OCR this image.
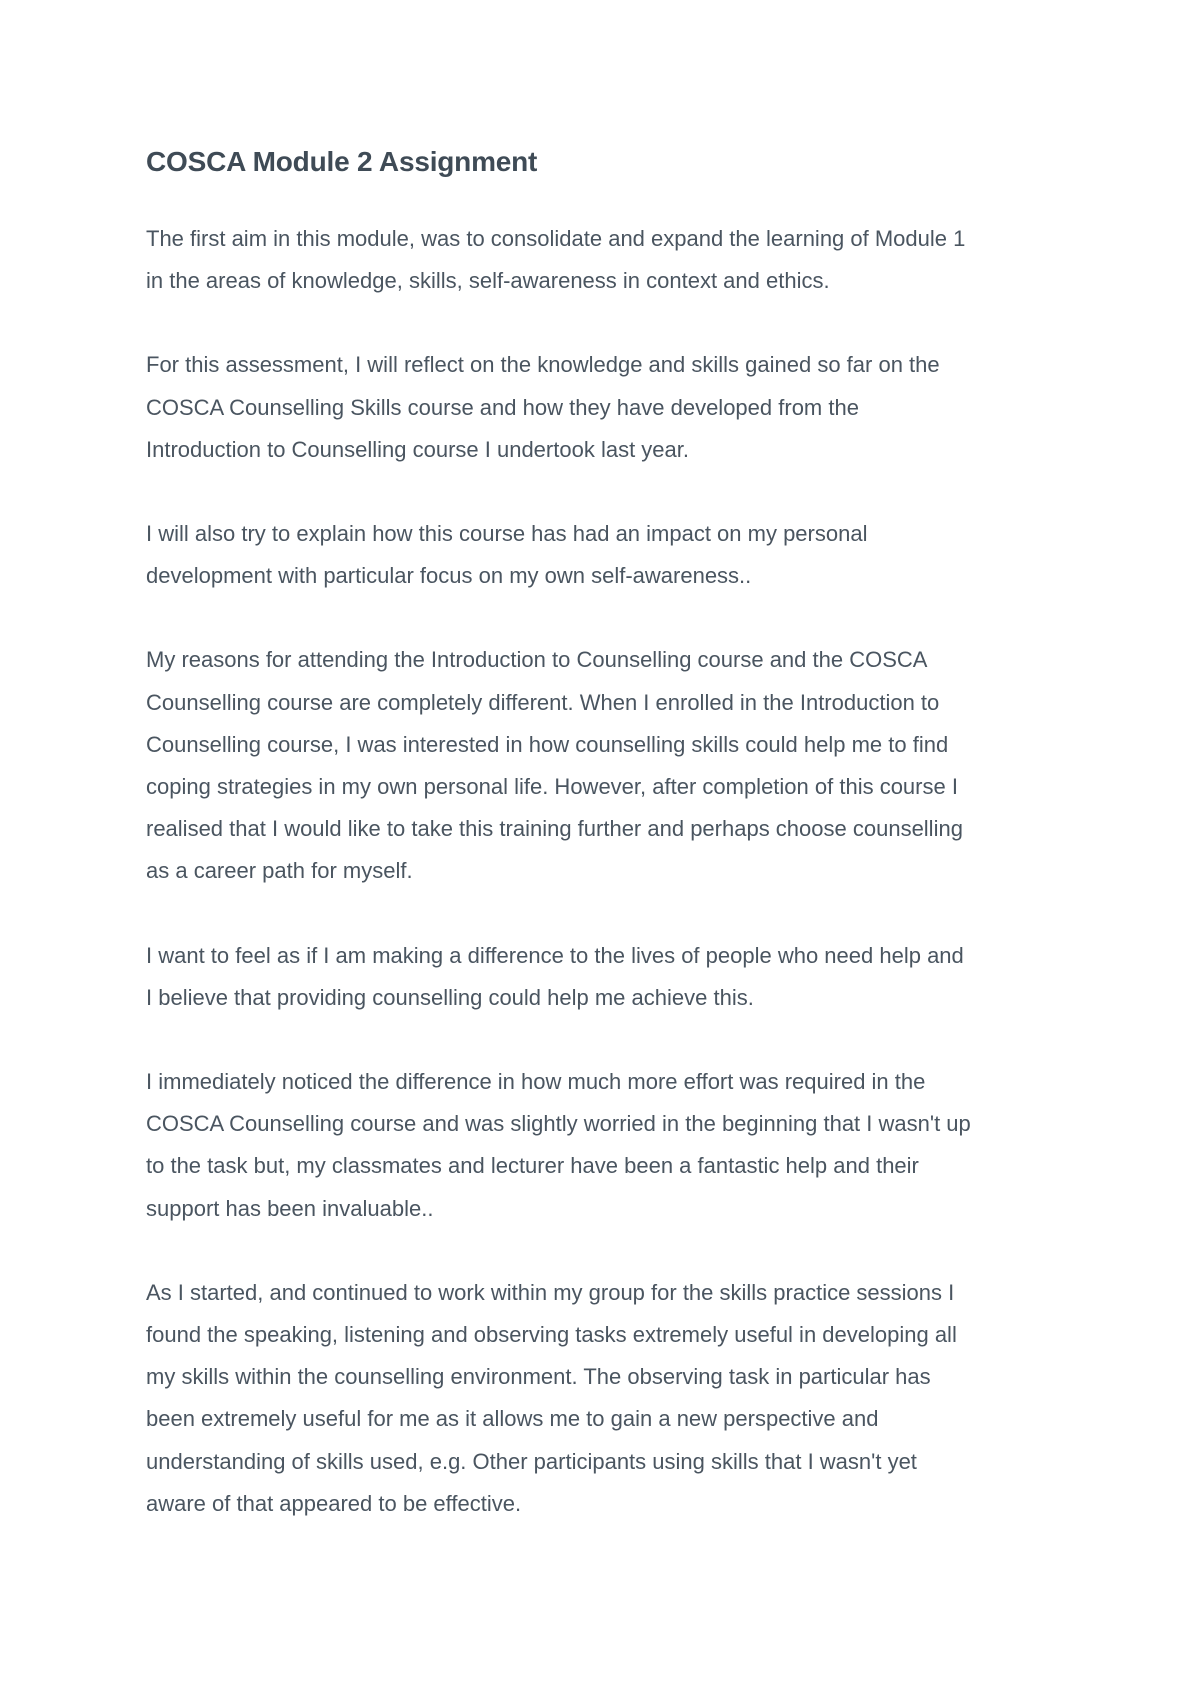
COSCA Module 2 Assignment

The first aim in this module, was to consolidate and expand the learning of Module 1
in the areas of knowledge, skills, self-awareness in context and ethics.

For this assessment, I will reflect on the knowledge and skills gained so far on the
COSCA Counselling Skills course and how they have developed from the
Introduction to Counselling course I undertook last year.

I will also try to explain how this course has had an impact on my personal
development with particular focus on my own self-awareness..

My reasons for attending the Introduction to Counselling course and the COSCA
Counselling course are completely different. When I enrolled in the Introduction to
Counselling course, I was interested in how counselling skills could help me to find
coping strategies in my own personal life. However, after completion of this course I
realised that I would like to take this training further and perhaps choose counselling
as a career path for myself.

I want to feel as if I am making a difference to the lives of people who need help and
I believe that providing counselling could help me achieve this.

I immediately noticed the difference in how much more effort was required in the
COSCA Counselling course and was slightly worried in the beginning that I wasn't up
to the task but, my classmates and lecturer have been a fantastic help and their
support has been invaluable..

As I started, and continued to work within my group for the skills practice sessions I
found the speaking, listening and observing tasks extremely useful in developing all
my skills within the counselling environment. The observing task in particular has
been extremely useful for me as it allows me to gain a new perspective and
understanding of skills used, e.g. Other participants using skills that I wasn't yet
aware of that appeared to be effective.
